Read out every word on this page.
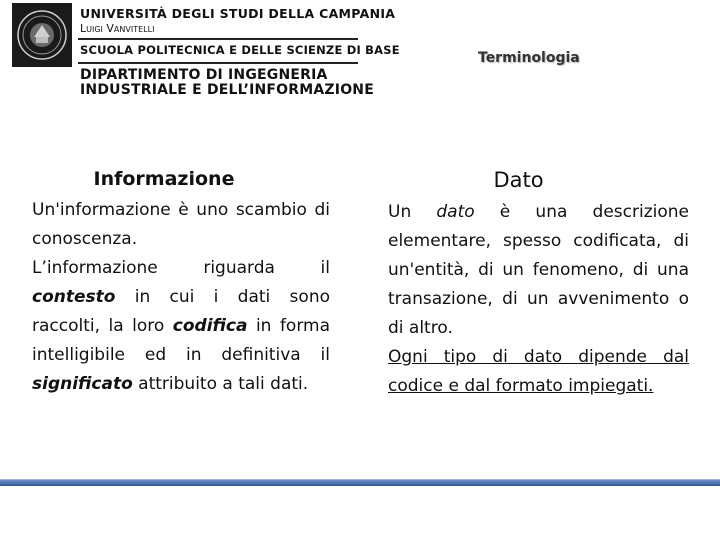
UNIVERSITÀ DEGLI STUDI DELLA CAMPANIA
Luigi Vanvitelli
SCUOLA POLITECNICA E DELLE SCIENZE DI BASE
DIPARTIMENTO DI INGEGNERIA
INDUSTRIALE E DELL’INFORMAZIONE
Terminologia
Informazione

Un'informazione è uno scambio di conoscenza.

L’informazione riguarda il contesto in cui i dati sono raccolti, la loro codifica in forma intelligibile ed in definitiva il significato attribuito a tali dati.

Dato

Un dato è una descrizione elementare, spesso codificata, di un'entità, di un fenomeno, di una transazione, di un avvenimento o di altro.

Ogni tipo di dato dipende dal codice e dal formato impiegati.
